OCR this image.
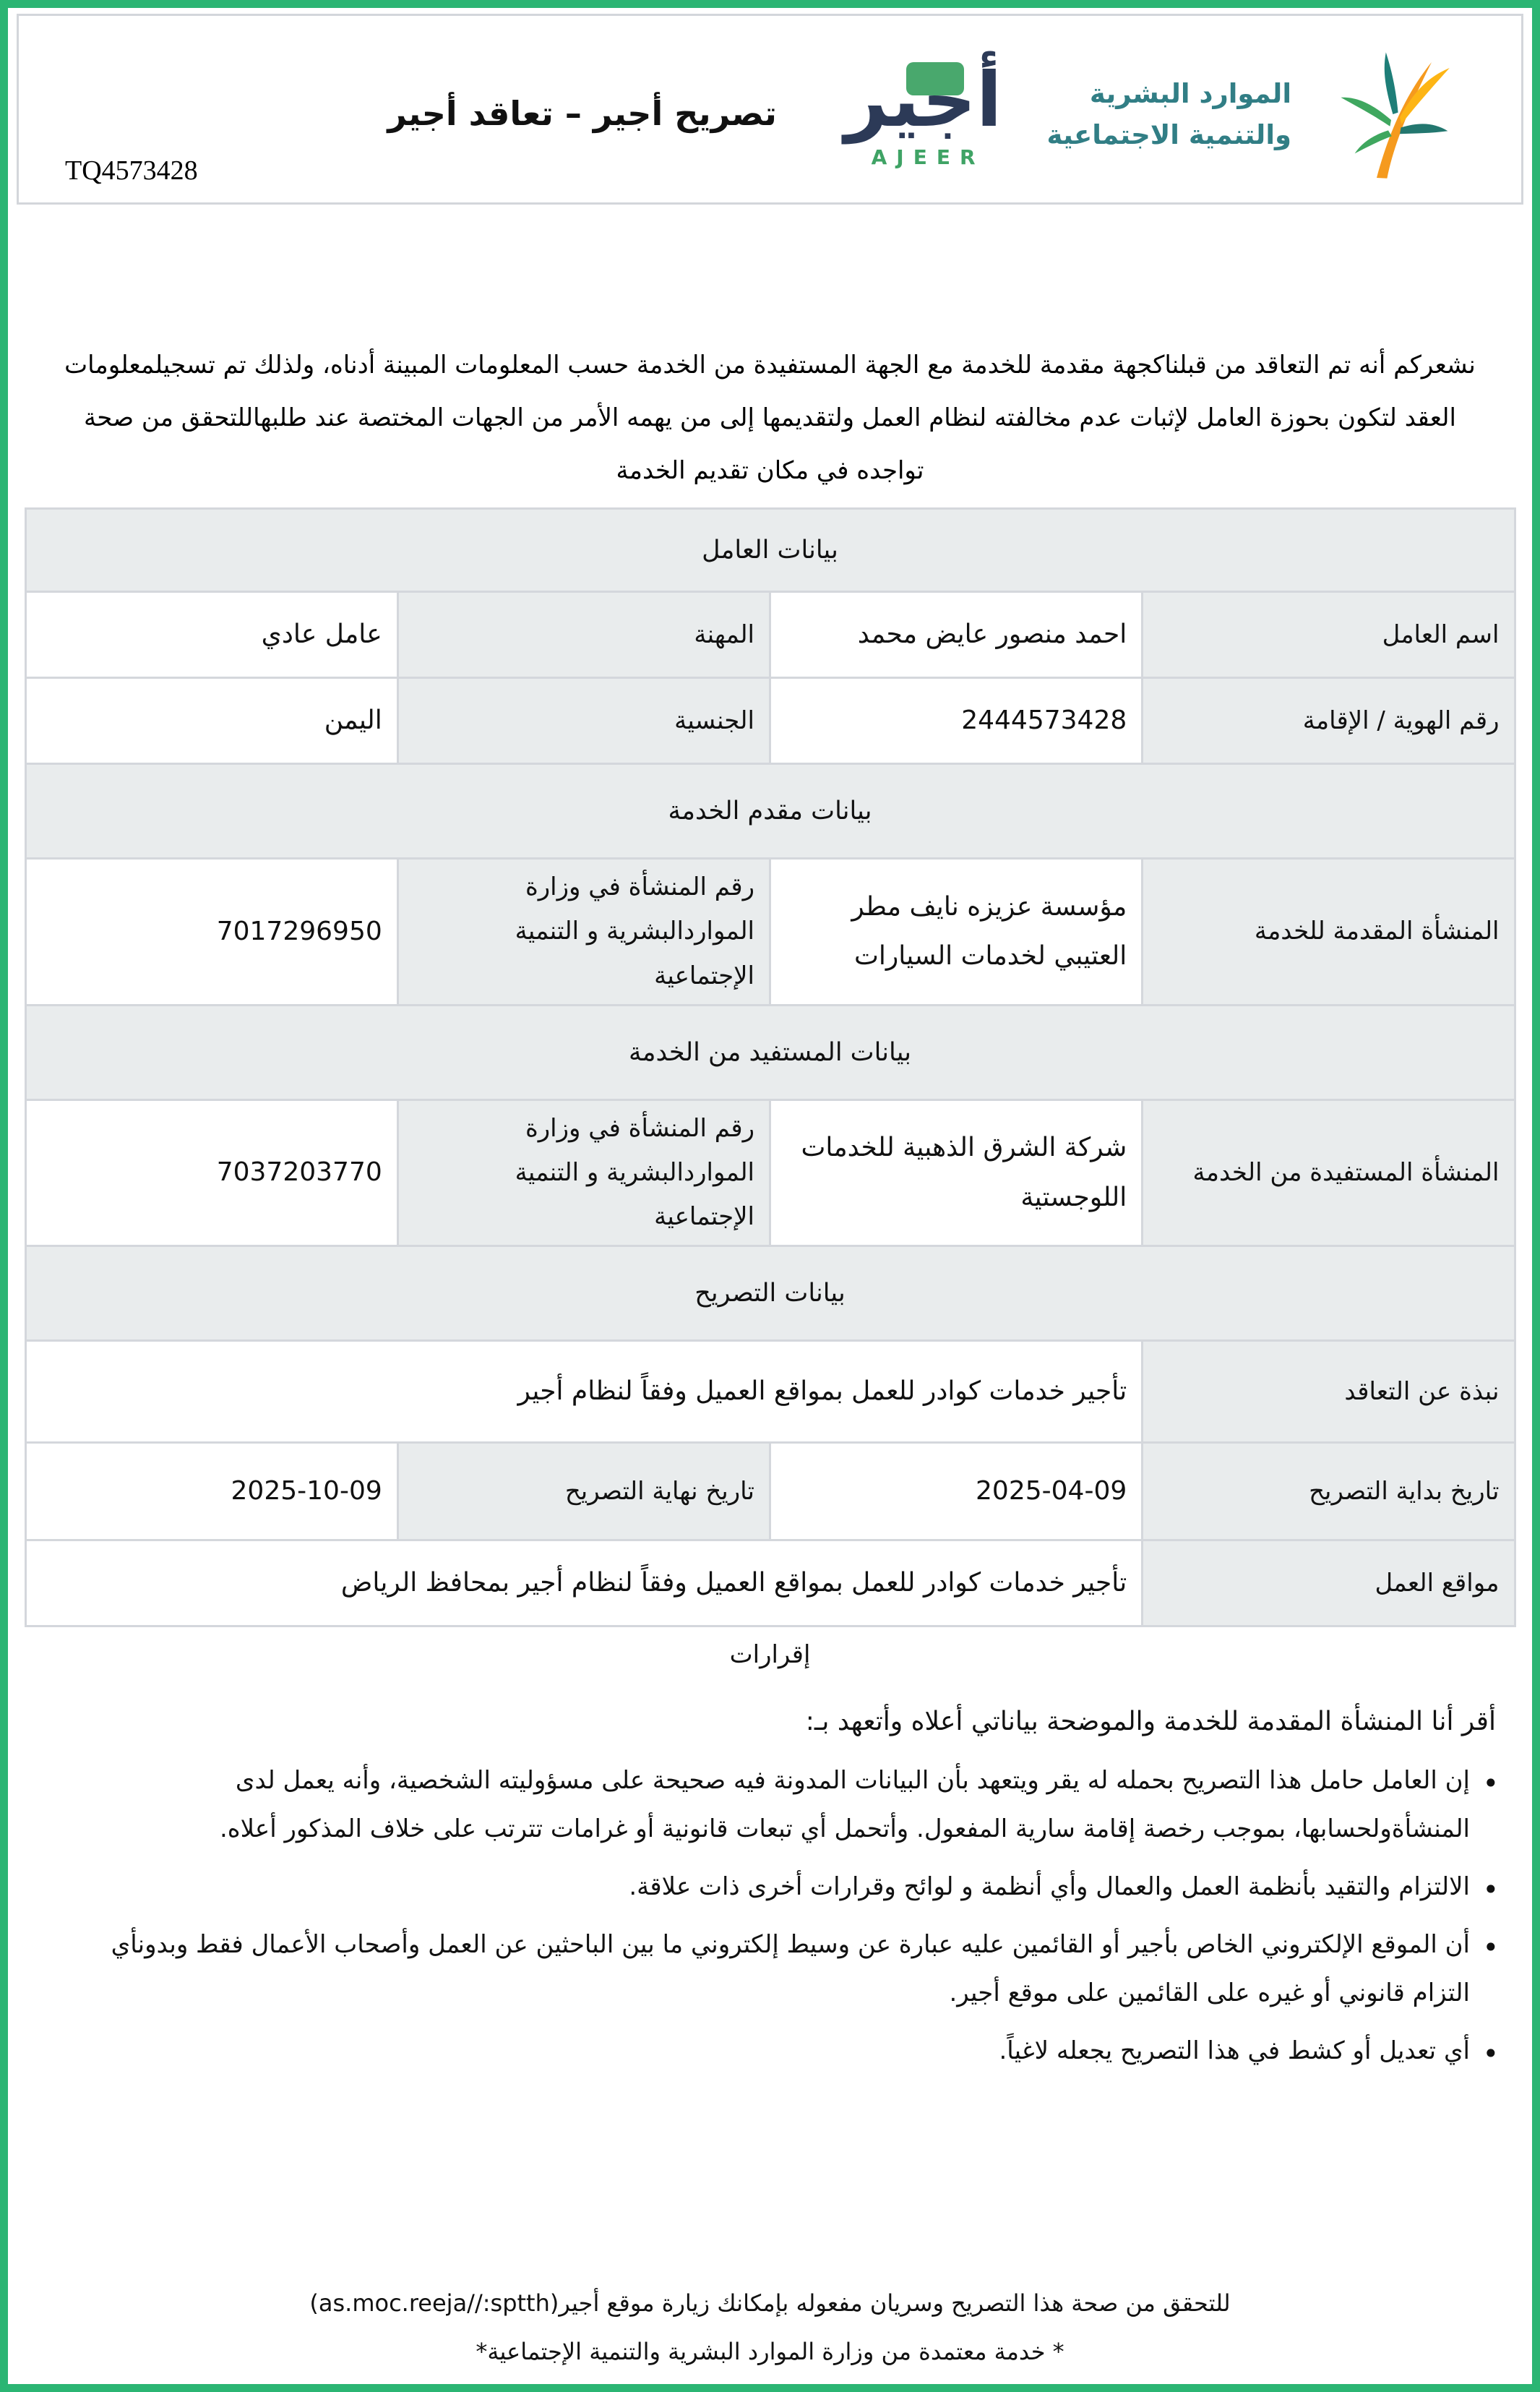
تصريح أجير – تعاقد أجير
TQ4573428
أجير
AJEER
الموارد البشرية
والتنمية الاجتماعية

نشعركم أنه تم التعاقد من قبلناكجهة مقدمة للخدمة مع الجهة المستفيدة من الخدمة حسب المعلومات المبينة أدناه، ولذلك تم تسجيلمعلومات العقد لتكون بحوزة العامل لإثبات عدم مخالفته لنظام العمل ولتقديمها إلى من يهمه الأمر من الجهات المختصة عند طلبهاللتحقق من صحة تواجده في مكان تقديم الخدمة

بيانات العامل			
اسم العامل	احمد منصور عايض محمد	المهنة	عامل عادي
رقم الهوية / الإقامة	2444573428	الجنسية	اليمن
بيانات مقدم الخدمة			
المنشأة المقدمة للخدمة	مؤسسة عزيزه نايف مطر العتيبي لخدمات السيارات	رقم المنشأة في وزارة المواردالبشرية و التنمية الإجتماعية	7017296950
بيانات المستفيد من الخدمة			
المنشأة المستفيدة من الخدمة	شركة الشرق الذهبية للخدمات اللوجستية	رقم المنشأة في وزارة المواردالبشرية و التنمية الإجتماعية	7037203770
بيانات التصريح			
نبذة عن التعاقد	تأجير خدمات كوادر للعمل بمواقع العميل وفقاً لنظام أجير		
تاريخ بداية التصريح	2025-04-09	تاريخ نهاية التصريح	2025-10-09
مواقع العمل	تأجير خدمات كوادر للعمل بمواقع العميل وفقاً لنظام أجير بمحافظ الرياض		
إقرارات
أقر أنا المنشأة المقدمة للخدمة والموضحة بياناتي أعلاه وأتعهد بـ:
• إن العامل حامل هذا التصريح بحمله له يقر ويتعهد بأن البيانات المدونة فيه صحيحة على مسؤوليته الشخصية، وأنه يعمل لدى المنشأةولحسابها، بموجب رخصة إقامة سارية المفعول. وأتحمل أي تبعات قانونية أو غرامات تترتب على خلاف المذكور أعلاه.
• الالتزام والتقيد بأنظمة العمل والعمال وأي أنظمة و لوائح وقرارات أخرى ذات علاقة.
• أن الموقع الإلكتروني الخاص بأجير أو القائمين عليه عبارة عن وسيط إلكتروني ما بين الباحثين عن العمل وأصحاب الأعمال فقط وبدونأي التزام قانوني أو غيره على القائمين على موقع أجير.
• أي تعديل أو كشط في هذا التصريح يجعله لاغياً.
للتحقق من صحة هذا التصريح وسريان مفعوله بإمكانك زيارة موقع أجير(as.moc.reeja//:sptth)
* خدمة معتمدة من وزارة الموارد البشرية والتنمية الإجتماعية*
